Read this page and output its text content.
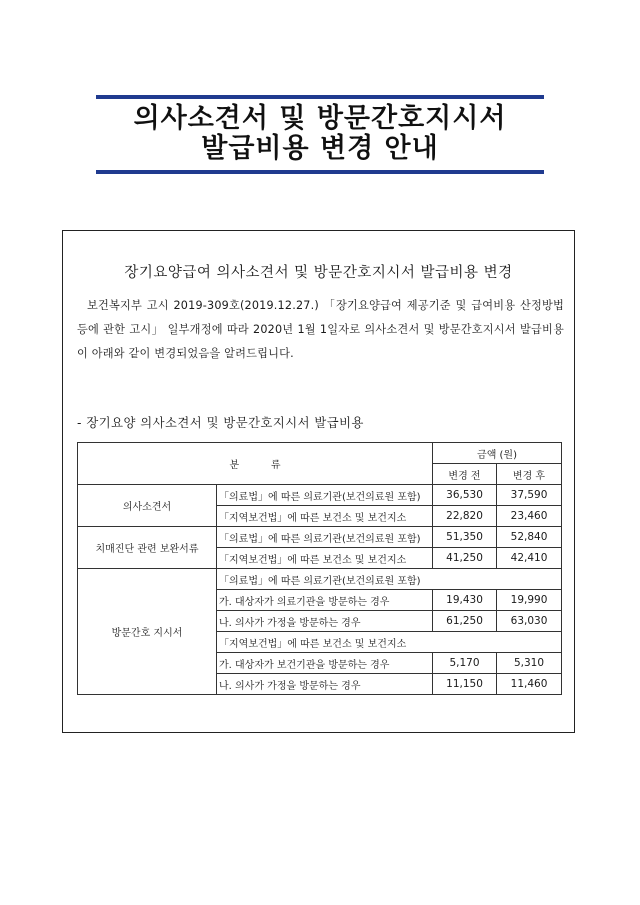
의사소견서 및 방문간호지시서
발급비용 변경 안내
장기요양급여 의사소견서 및 방문간호지시서 발급비용 변경
보건복지부 고시 2019-309호(2019.12.27.) 「장기요양급여 제공기준 및 급여비용 산정방법 등에 관한 고시」 일부개정에 따라 2020년 1월 1일자로 의사소견서 및 방문간호지시서 발급비용이 아래와 같이 변경되었음을 알려드립니다.
- 장기요양 의사소견서 및 방문간호지시서 발급비용
분          류		금액 (원)	
		변경 전	변경 후
의사소견서	「의료법」에 따른 의료기관(보건의료원 포함)	36,530	37,590
	「지역보건법」에 따른 보건소 및 보건지소	22,820	23,460
치매진단 관련 보완서류	「의료법」에 따른 의료기관(보건의료원 포함)	51,350	52,840
	「지역보건법」에 따른 보건소 및 보건지소	41,250	42,410
방문간호 지시서	「의료법」에 따른 의료기관(보건의료원 포함)		
	가. 대상자가 의료기관을 방문하는 경우	19,430	19,990
	나. 의사가 가정을 방문하는 경우	61,250	63,030
	「지역보건법」에 따른 보건소 및 보건지소		
	가. 대상자가 보건기관을 방문하는 경우	5,170	5,310
	나. 의사가 가정을 방문하는 경우	11,150	11,460
